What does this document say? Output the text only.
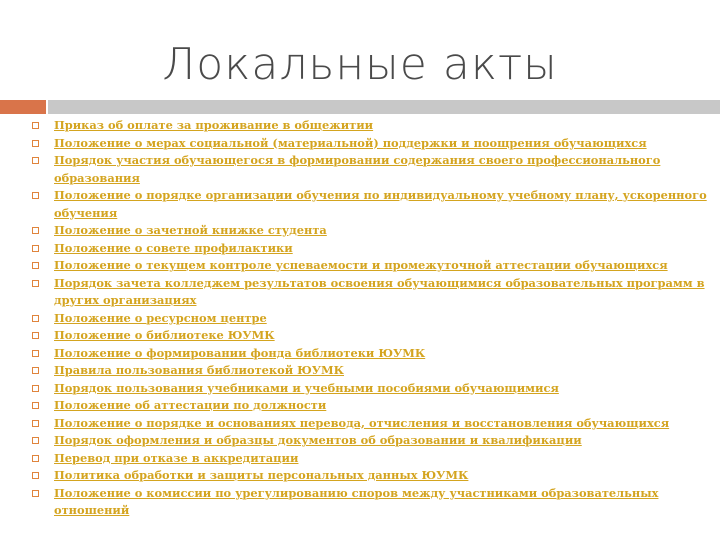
Локальные акты
Приказ об оплате за проживание в общежитии
Положение о мерах социальной (материальной) поддержки и поощрения обучающихся
Порядок участия обучающегося в формировании содержания своего профессионального образования
Положение о порядке организации обучения по индивидуальному учебному плану, ускоренного обучения
Положение о зачетной книжке студента
Положение о совете профилактики
Положение о текущем контроле успеваемости и промежуточной аттестации обучающихся
Порядок зачета колледжем результатов освоения обучающимися образовательных программ в других организациях
Положение о ресурсном центре
Положение о библиотеке ЮУМК
Положение о формировании фонда библиотеки ЮУМК
Правила пользования библиотекой ЮУМК
Порядок пользования учебниками и учебными пособиями обучающимися
Положение об аттестации по должности
Положение о порядке и основаниях перевода, отчисления и восстановления обучающихся
Порядок оформления и образцы документов об образовании и квалификации
Перевод при отказе в аккредитации
Политика обработки и защиты персональных данных ЮУМК
Положение о комиссии по урегулированию споров между участниками образовательных отношений
